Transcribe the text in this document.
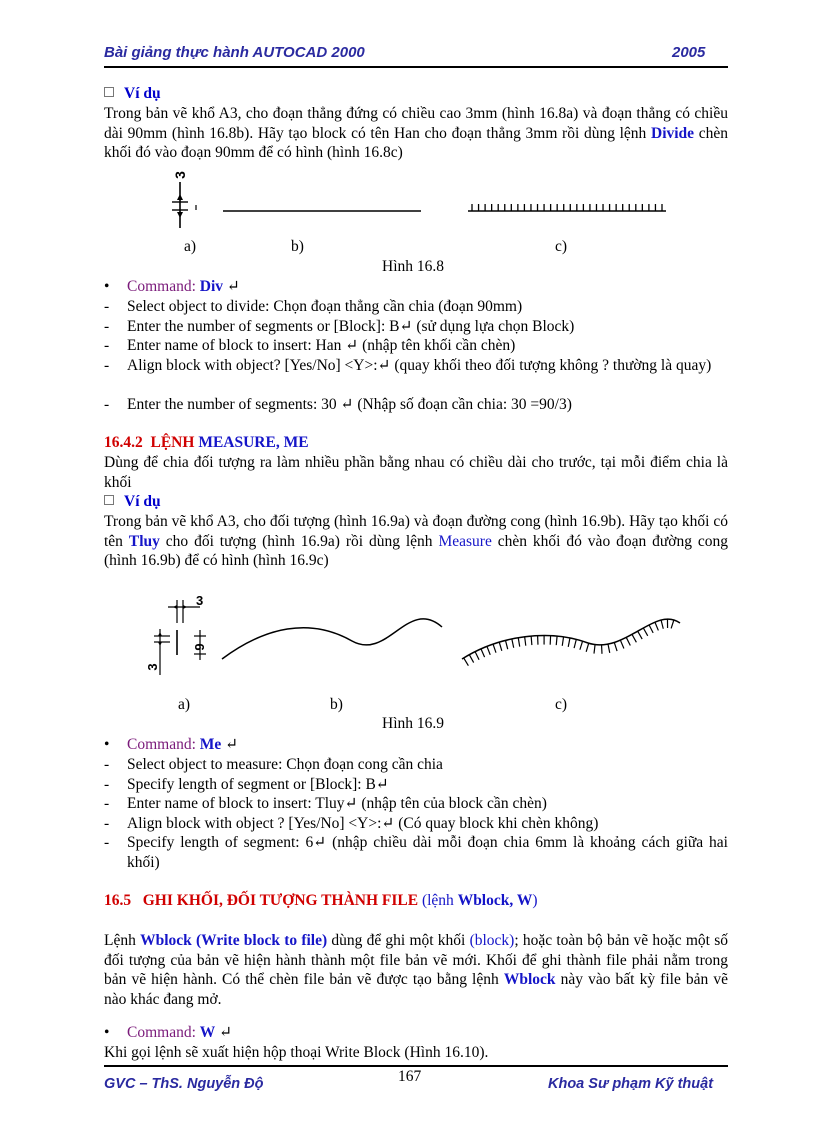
Bài giảng thực hành AUTOCAD 2000	2005
Ví dụ
Trong bản vẽ khổ A3, cho đoạn thẳng đứng có chiều cao 3mm (hình 16.8a) và đoạn thẳng có chiều dài 90mm (hình 16.8b). Hãy tạo block có tên Han cho đoạn thẳng 3mm rồi dùng lệnh Divide chèn khối đó vào đoạn 90mm để có hình (hình 16.8c)
3
a)	b)	c)
Hình 16.8
•	Command: Div ↵
-	Select object to divide: Chọn đoạn thẳng cần chia (đoạn 90mm)
-	Enter the number of segments or [Block]: B↵ (sử dụng lựa chọn Block)
-	Enter name of block to insert: Han ↵ (nhập tên khối cần chèn)
-	Align block with object? [Yes/No] <Y>:↵ (quay khối theo đối tượng không ? thường là quay)
-	Enter the number of segments: 30 ↵ (Nhập số đoạn cần chia: 30 =90/3)
16.4.2 LỆNH MEASURE, ME
Dùng để chia đối tượng ra làm nhiều phần bằng nhau có chiều dài cho trước, tại mỗi điểm chia là khối
Ví dụ
Trong bản vẽ khổ A3, cho đối tượng (hình 16.9a) và đoạn đường cong (hình 16.9b). Hãy tạo khối có tên Tluy cho đối tượng (hình 16.9a) rồi dùng lệnh Measure chèn khối đó vào đoạn đường cong (hình 16.9b) để có hình (hình 16.9c)
3
3
9
a)	b)	c)
Hình 16.9
•	Command: Me ↵
-	Select object to measure: Chọn đoạn cong cần chia
-	Specify length of segment or [Block]: B↵
-	Enter name of block to insert: Tluy↵ (nhập tên của block cần chèn)
-	Align block with object ? [Yes/No] <Y>:↵ (Có quay block khi chèn không)
-	Specify length of segment: 6↵ (nhập chiều dài mỗi đoạn chia 6mm là khoảng cách giữa hai khối)
16.5 GHI KHỐI, ĐỐI TƯỢNG THÀNH FILE (lệnh Wblock, W)
Lệnh Wblock (Write block to file) dùng để ghi một khối (block); hoặc toàn bộ bản vẽ hoặc một số đối tượng của bản vẽ hiện hành thành một file bản vẽ mới. Khối để ghi thành file phải nằm trong bản vẽ hiện hành. Có thể chèn file bản vẽ được tạo bằng lệnh Wblock này vào bất kỳ file bản vẽ nào khác đang mở.
•	Command: W ↵
Khi gọi lệnh sẽ xuất hiện hộp thoại Write Block (Hình 16.10).
GVC – ThS. Nguyễn Độ	167	Khoa Sư phạm Kỹ thuật
